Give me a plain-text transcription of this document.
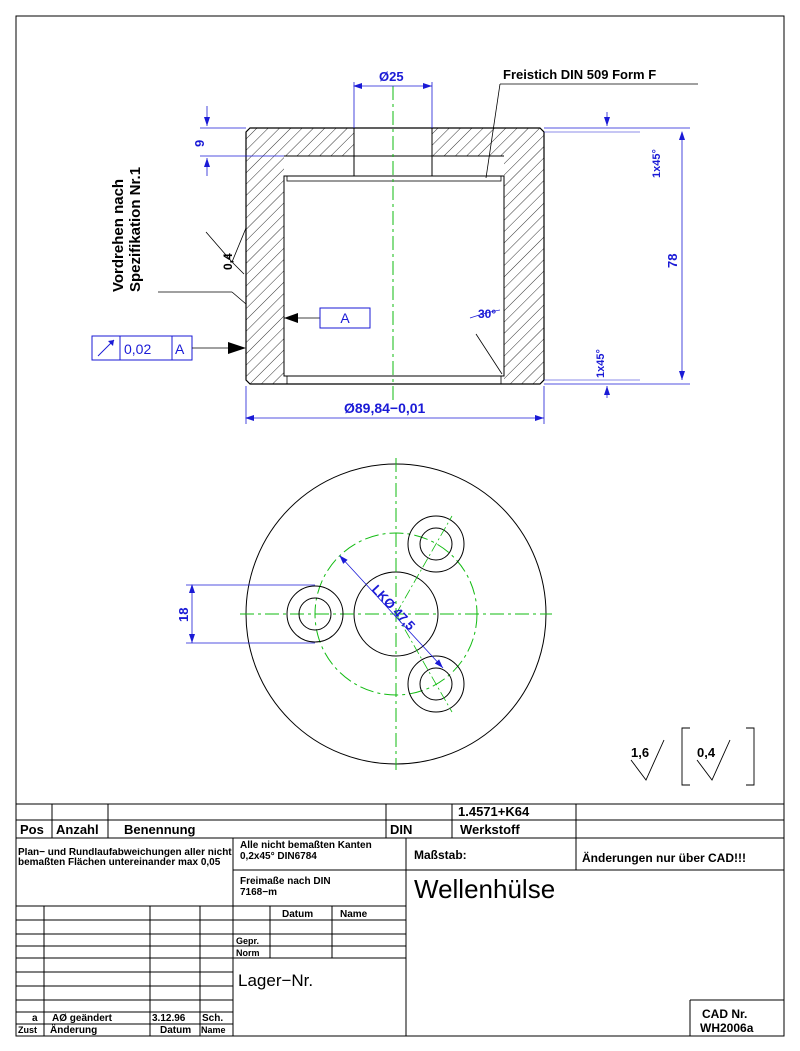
Ø25	Freistich DIN 509 Form F
9
Vordrehen nach Spezifikation Nr.1	0,4
A
0,02 A
30°
78
1x45°
1x45°
Ø89,84−0,01
18	LKØ 47,5
1,6	0,4
1.4571+K64
Pos Anzahl Benennung	DIN	Werkstoff
Plan− und Rundlaufabweichungen aller nicht bemaßten Flächen untereinander max 0,05
Alle nicht bemaßten Kanten 0,2x45° DIN6784
Freimaße nach DIN 7168−m
Datum	Name
Gepr.
Norm
Lager−Nr.
Maßstab:	Änderungen nur über CAD!!!
Wellenhülse
a AØ geändert	3.12.96 Sch.
Zust Änderung	Datum Name
CAD Nr.
WH2006a
